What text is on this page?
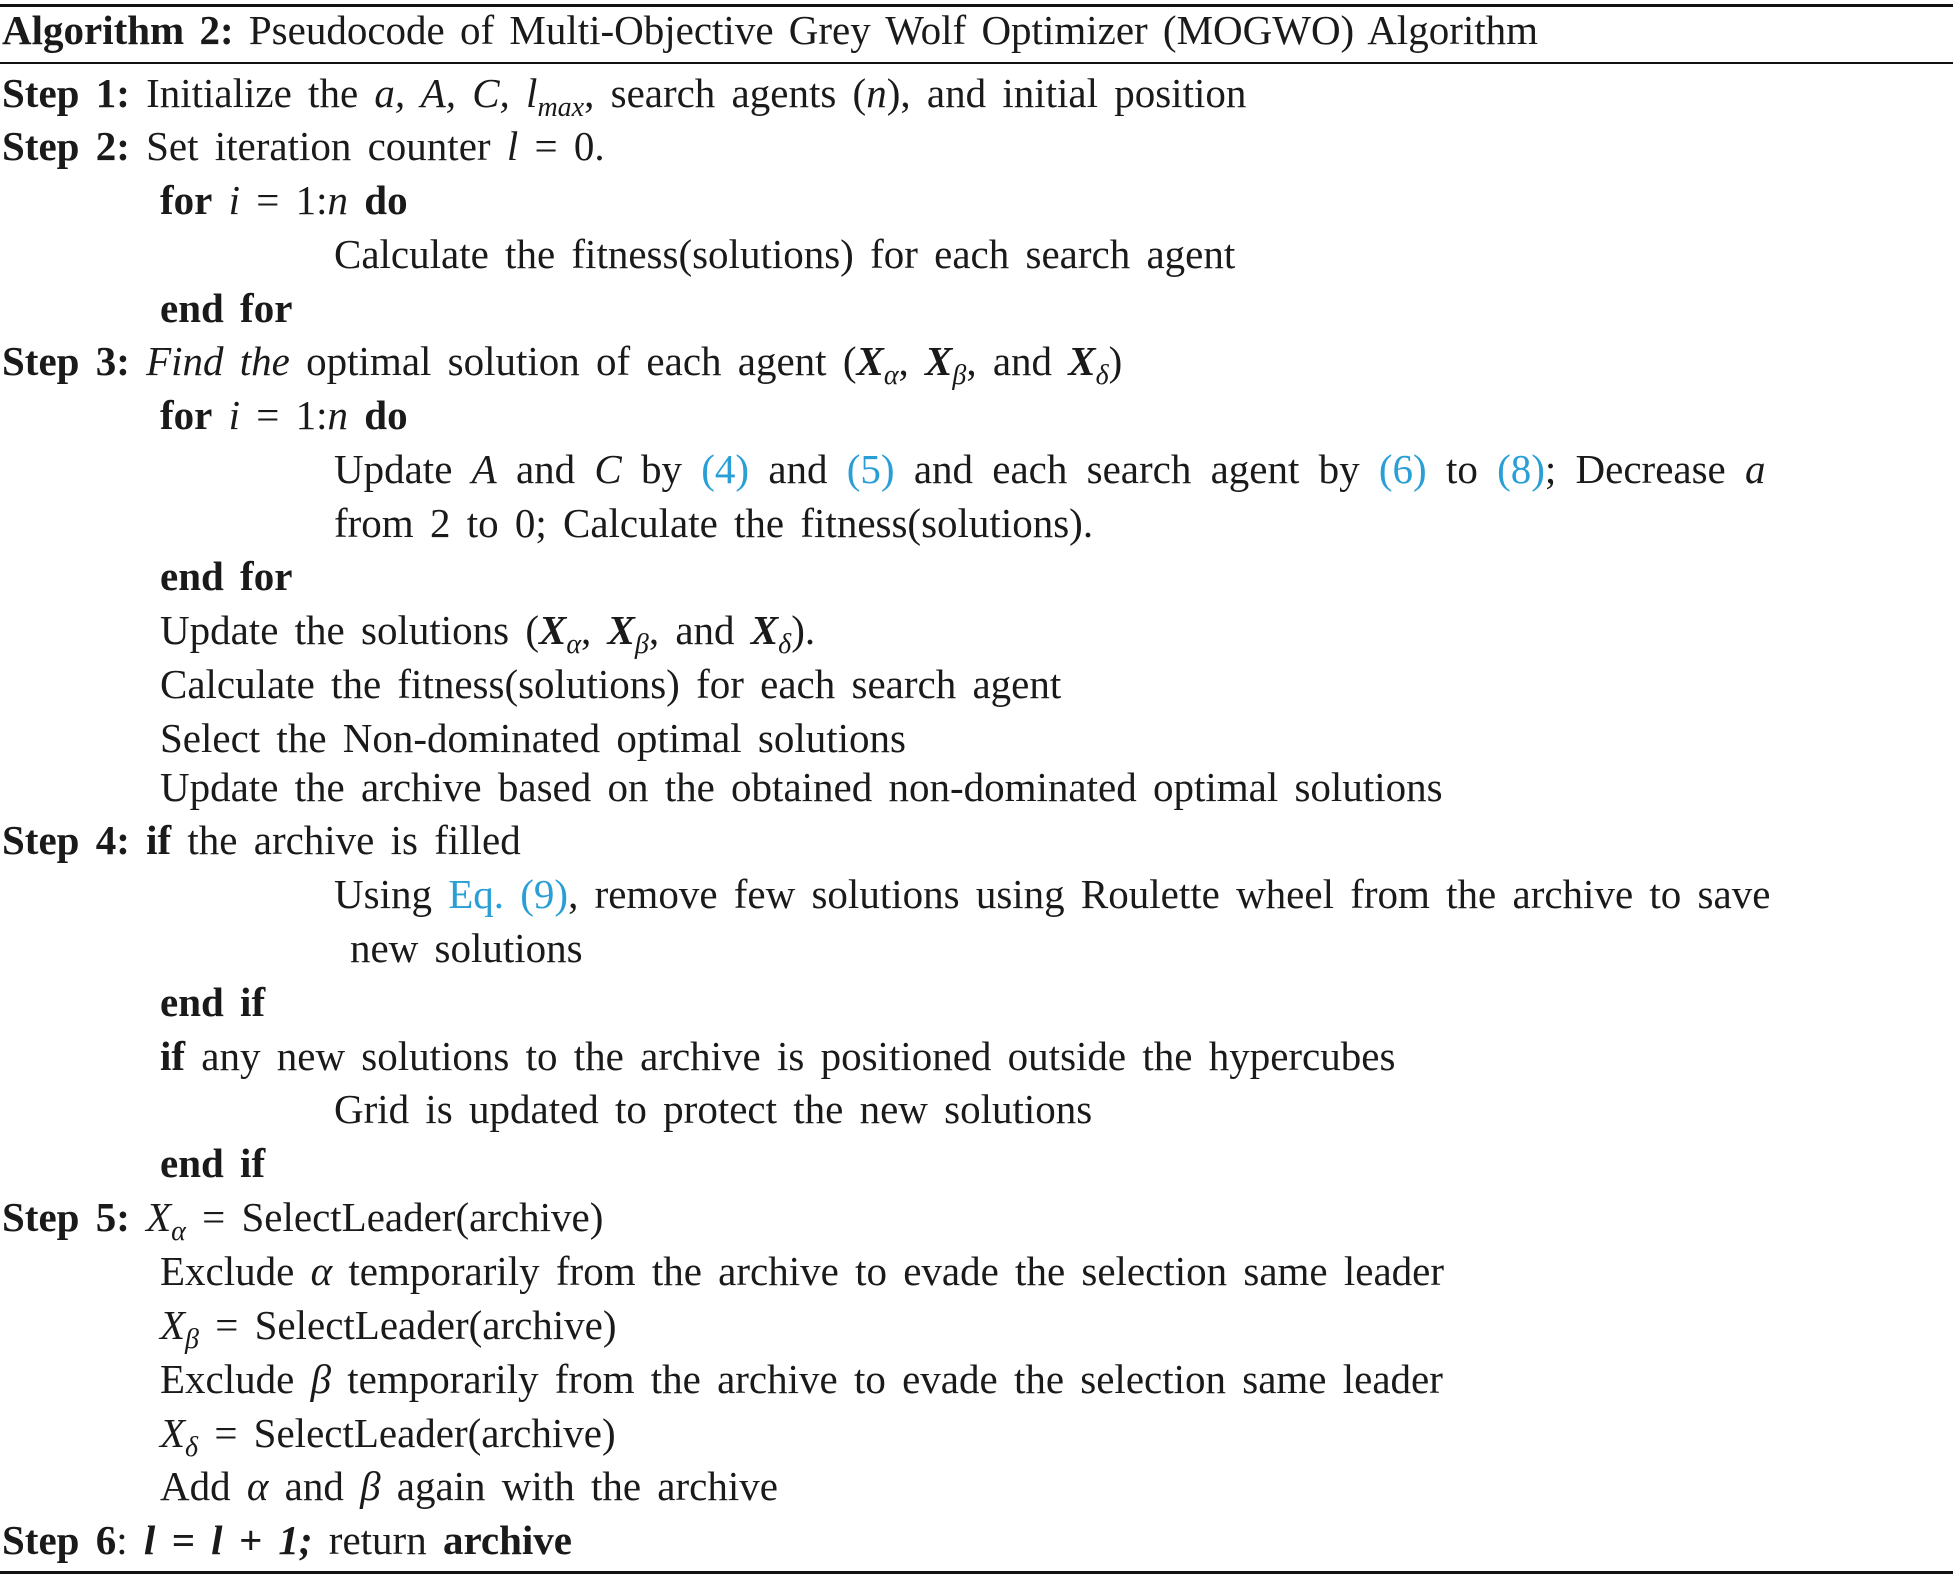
Algorithm 2: Pseudocode of Multi-Objective Grey Wolf Optimizer (MOGWO) Algorithm
Step 1: Initialize the a, A, C, $l_{max}$, search agents (n), and initial position
Step 2: Set iteration counter l = 0.
for i = 1:n do
Calculate the fitness(solutions) for each search agent
end for
Step 3: Find the optimal solution of each agent ($X_\alpha$, $X_\beta$, and $X_\delta$)
for i = 1:n do
Update A and C by (4) and (5) and each search agent by (6) to (8); Decrease a
from 2 to 0; Calculate the fitness(solutions).
end for
Update the solutions ($X_\alpha$, $X_\beta$, and $X_\delta$).
Calculate the fitness(solutions) for each search agent
Select the Non-dominated optimal solutions
Update the archive based on the obtained non-dominated optimal solutions
Step 4: if the archive is filled
Using Eq. (9), remove few solutions using Roulette wheel from the archive to save
new solutions
end if
if any new solutions to the archive is positioned outside the hypercubes
Grid is updated to protect the new solutions
end if
Step 5: $X_\alpha$ = SelectLeader(archive)
Exclude α temporarily from the archive to evade the selection same leader
$X_\beta$ = SelectLeader(archive)
Exclude β temporarily from the archive to evade the selection same leader
$X_\delta$ = SelectLeader(archive)
Add α and β again with the archive
Step 6: l = l + 1; return archive
